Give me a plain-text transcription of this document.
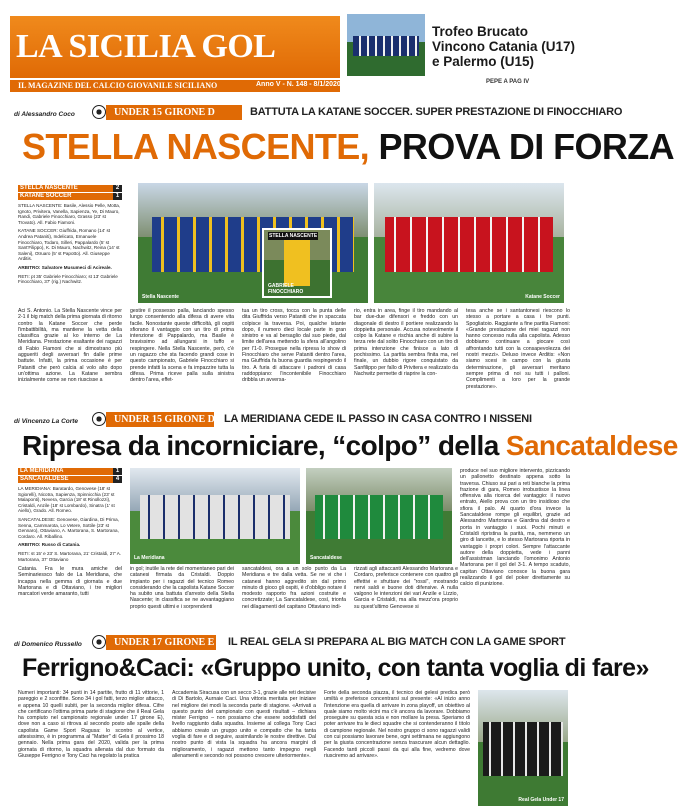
LA SICILIA GOL
IL MAGAZINE DEL CALCIO GIOVANILE SICILIANO	Anno V - N. 148 - 8/1/2020
Trofeo Brucato Vincono Catania (U17) e Palermo (U15)
PEPE A PAG IV
di Alessandro Coco	UNDER 15 GIRONE D	BATTUTA LA KATANE SOCCER. SUPER PRESTAZIONE DI FINOCCHIARO
STELLA NASCENTE, PROVA DI FORZA
STELLA NASCENTE	2
KATANE SOCCER	1
STELLA NASCENTE: Basile, Alessio Pelle, Motta, Ignoto, Privitera, Vanella, Sapienza, Ye, Di Mauro, Randi, Gabriele Finocchiaro, Grasso (23' st Trovato). All. Fabio Fiamoni.
KATANE SOCCER: Giuffrida, Romano (14' st Andrea Pataniti), Indelicato, Emanuele Finocchiaro, Todaro, Silleri, Pappalardo (5' st Sant'Filippo), K. Di Mauro, Nachwitz, Reina (14' st Saleni), Otruaro (5' st Papotto). All. Giuseppe Arditis.
ARBITRO: Salvatore Musumeci di Acireale.
RETI: pt 35' Gabriele Finocchiaro; st 13' Gabriele Finocchiaro, 37' (rig.) Nachwitz.
Stella Nascente
STELLA NASCENTE
GABRIELE FINOCCHIARO
Katane Soccer
Aci S. Antonio. La Stella Nascente vince per 2-1 il big match della prima giornata di ritorno contro la Katane Soccer che perde l'imbattibilità, ma mantiene la vetta della classifica grazie al ko interno de La Meridiana. Prestazione esaltante dei ragazzi di Fabio Fiamoni che si dimostrano più aggueriti degli avversari fin dalle prime battute. Infatti, la prima occasione è per Pataniti che però calcia al volo alto dopo un'ottima azione. La Katane sembra inizialmente come se non riuscisse a
gestire il possesso palla, lanciando spesso lungo consentendo alla difesa di avere vita facile. Nonostante queste difficoltà, gli ospiti sfiorano il vantaggio con un tiro di prima intenzione di Pappalardo, ma Basile è bravissimo ad allungarsi in tuffo e respingere. Nella Stella Nascente, però, c'è un ragazzo che sta facendo grandi cose in questo campionato, Gabriele Finocchiaro si prende infatti la scena e fa impazzire tutta la difesa. Prima riceve palla sulla sinistra dentro l'area, effet-
tua un tiro cross, tocca con la punta delle dita Giuffrida verso Pataniti che in spaccata colpisce la traversa. Poi, qualche istante dopo, il numero dieci locale parte in gran sinistro e va al bersaglio dal suo piede, dal limite dell'area mettendo la sfera all'angolino per l'1-0. Prosegue nella ripresa lo show di Finocchiaro che serve Pataniti dentro l'area, ma Giuffrida fa buona guardia respingendo il tiro. A furia di attaccare i padroni di casa raddoppiano: l'incontenibile Finocchiaro dribbla un avversa-
rio, entra in area, finge il tiro mandando al bar due-due difensori e freddo con un diagonale di destro il portiere realizzando la doppietta personale. Accusa notevolmente il colpo la Katane e rischia anche di subire la terza rete dal solito Finocchiaro con un tiro di prima intenzione che finisce a lato di pochissimo. La partita sembra finita ma, nel finale, un dubbio rigore conquistato da Sanfilippo per fallo di Privitera e realizzato da Nachwitz permette di riaprire la con-
tesa anche se i santantonesi riescono lo stesso a portare a casa i tre punti. Spogliatoio. Raggiante a fine partita Fiamoni: «Grande prestazione dei miei ragazzi non hanno concesso nulla alla capolista. Adesso dobbiamo continuare a giocare così affrontando tutti con la consapevolezza dei nostri mezzi». Deluso invece Arditis: «Non siamo scesi in campo con la giusta determinazione, gli avversari meritano sempre prima di noi su tutti i palloni. Complimenti a loro per la grande prestazione».
di Vincenzo La Corte	UNDER 15 GIRONE D LA MERIDIANA CEDE IL PASSO IN CASA CONTRO I NISSENI
Ripresa da incorniciare, “colpo” della Sancataldese
LA MERIDIANA	1
SANCATALDESE	4
LA MERIDIANA: Baratardo, Genovese (18' st Sgiorelli), Nicotra, Sapienza, Spinnicchia (23' st Malaponti), Nevera, Garcia (18' st Rinollozzi), Cristaldi, Anzile (18' st Lombardo), Sinatra (1' st Aiello), Grado. All. Romeo.
SANCATALDESE: Genovese, Giardina, Di Prima, Senna, Cammarota, Lo Vetere, Sottile (23' st Gennaro), Ottaviano, A. Martorana, S. Martorana, Cordaro. All. Riballino.
ARBITRO: Russo di Catania.
RETI: st 15' e 23' S. Martorana, 21' Cristaldi, 27' A. Martorana, 37' Ottaviano	La Meridiana	Sancataldese
Catania. Fra le mura amiche del Seminariessco falo de La Meridiana, che incappa nella gemma di giornata e due Martorana e di Ottaviano, i tre migliori marcatori verde amaranto, tutti
in gol; inutile la rete del momentaneo pari dei catanesi firmata da Cristaldi. Doppio impianto per i ragazzi del tecnico Romeo considerando che la capolista Katane Soccer ha subito una battuta d'arresto della Stella Nascente; in classifica se ne avvantaggiano proprio questi ultimi e i sorprendenti
sancataldesi, ora a un solo punto da La Meridiana e tre dalla vetta. Se ne vi che i catanesi hanno aggredito sin dal primo minuto di gioco gli ospiti, è d'obbligo notare il modesto rapporto fra azioni costruite e concretizzate; La Sancataldese, così, trionfa nei dilagamenti del capitano Ottaviano indi-
rizzati agli attaccanti Alessandro Martorana e Cordaro, preferisce contenere con quattro gli effettivi e sfruttare dei "rossi", mostrando nervi saldi e buone doti difensive. A nulla valgono le intenzioni dei vari Anzile e Lizzio, Garcia e Cristaldi, ma alla mezz'ora proprio su quest'ultimo Genovese si
produce nel suo migliore intervento, pizzicando un pallonetto destinato appena sotto la traversa. Chiuso sui pari a reti bianche la prima frazione di gara, Romeo irrobustisce la linea offensiva alla ricerca del vantaggio: il nuovo entrato, Aiello prova con un tiro insidioso che sfiora il palo. Al quarto d'ora invece la Sancataldese rompe gli equilibri, grazie ad Alessandro Martorana e Giardina dal destro e porta in vantaggio i suoi. Pochi minuti e Cristaldi ripristina la parità, ma, nemmeno un giro di lancette, e lo stesso Martorana riporta in vantaggio i propri colori. Sempre l'attaccante autore della doppietta, vede i panni dell'assistman lanciando l'omonimo Antonio Martorana per il gol del 3-1. A tempo scaduto, capitan Ottaviano conosce la buona gara realizzando il gol del poker direttamente su calcio di punizione.
di Domenico Russello	UNDER 17 GIRONE E IL REAL GELA SI PREPARA AL BIG MATCH CON LA GAME SPORT
Ferrigno&Caci: «Gruppo unito, con tanta voglia di fare»
Numeri importanti: 34 punti in 14 partite, frutto di 11 vittorie, 1 pareggio e 2 sconfitte. Sono 34 i gol fatti, terzo miglior attacco, e appena 10 quelli subiti, per la seconda miglior difesa. Cifre che certificano l'ottima prima parte di stagione che il Real Gela ha compiuto nel campionato regionale under 17 girone E), dove non a caso si ritrova al secondo posto alle spalle della capolista Game Sport Ragusa: lo scontro al vertice, attesissimo, è in programma al "Matter" di Gela il prossimo 18 gennaio. Nella prima gara del 2020, valida per la prima giornata di ritorno, la squadra allenata dal duo formato da Giuseppe Ferrigno e Tony Caci ha regolato la pratica
Accademia Siracusa con un secco 3-1, grazie alle reti decisive di Di Bartolo, Aurnaie Caci. Una vittoria meritata per iniziare nel migliore dei modi la seconda parte di stagione. «Arrivati a questo punto del campionato con questi risultati – dichiara mister Ferrigno – non possiamo che essere soddisfatti del livello raggiunto dalla squadra. Insieme al collega Tony Caci abbiamo creato un gruppo unito e compatto che ha tanta voglia di fare e di seguire, assimilando le nostre direttive. Dal nostro punto di vista la squadra ha ancora margini di miglioramento, i ragazzi mettono tanto impegno negli allenamenti e secondo noi possono crescere ulteriormente».
Forte della seconda piazza, il tecnico dei gelesi predica però umiltà e preferisce concentrarsi sul presente: «Al inizio anno l'intenzione era quella di arrivare in zona playoff, un obiettivo al quale siamo molto vicini ma c'è ancora da lavorare. Dobbiamo proseguire su questa scia e non mollare la presa. Speriamo di poter arrivare tra le dieci squadre che si contenderanno il titolo di campione regionale. Nel nostro gruppo ci sono ragazzi validi con cui possiamo lavorare bene, ogni settimana ne aggiungono per la giusta concentrazione senza trascurare alcun dettaglio. Facendo tanti piccoli passi da qui alla fine, vedremo dove riusciremo ad arrivare».
Real Gela Under 17
